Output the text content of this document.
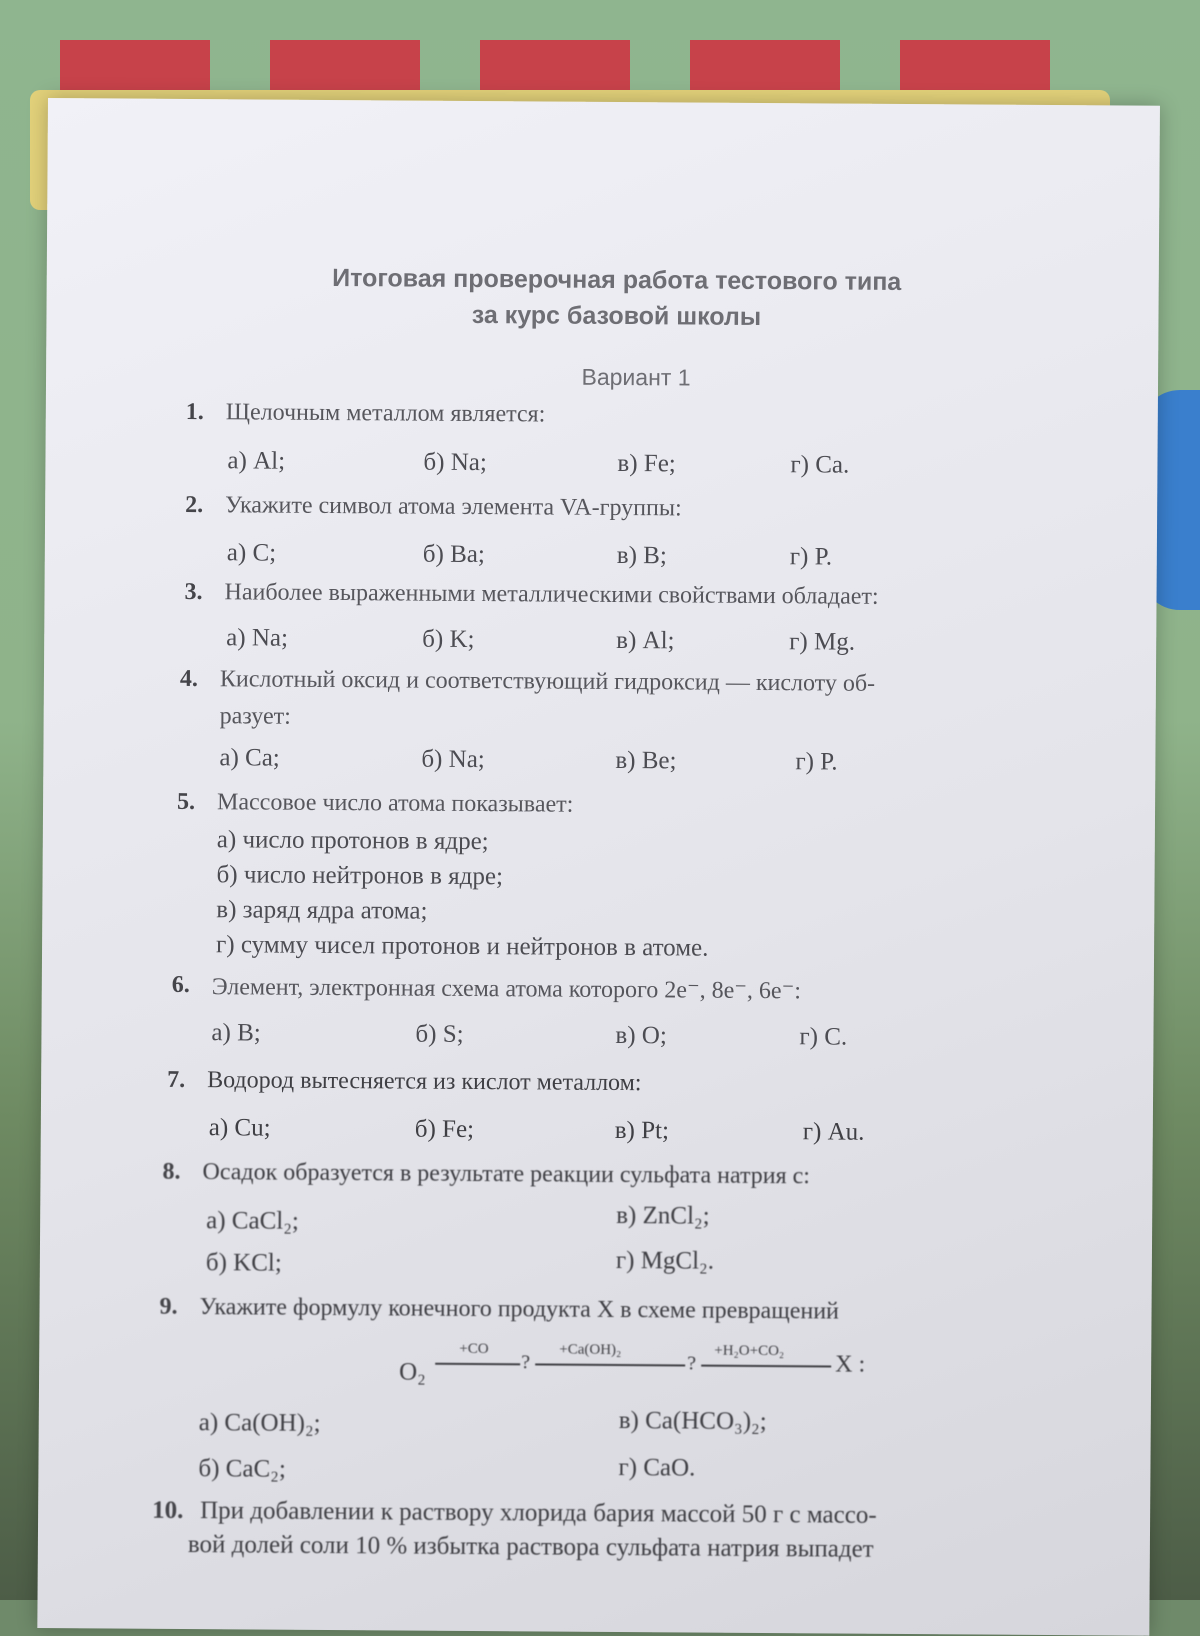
Итоговая проверочная работа тестового типа
за курс базовой школы
Вариант 1
1. Щелочным металлом является:
а) Al;	б) Na;	в) Fe;	г) Ca.
2. Укажите символ атома элемента VA-группы:
а) C;	б) Ba;	в) B;	г) P.
3. Наиболее выраженными металлическими свойствами обладает:
а) Na;	б) K;	в) Al;	г) Mg.
4. Кислотный оксид и соответствующий гидроксид — кислоту об-
разует:
а) Ca;	б) Na;	в) Be;	г) P.
5. Массовое число атома показывает:
а) число протонов в ядре;
б) число нейтронов в ядре;
в) заряд ядра атома;
г) сумму чисел протонов и нейтронов в атоме.
6. Элемент, электронная схема атома которого 2e⁻, 8e⁻, 6e⁻:
а) B;	б) S;	в) O;	г) C.
7. Водород вытесняется из кислот металлом:
а) Cu;	б) Fe;	в) Pt;	г) Au.
8. Осадок образуется в результате реакции сульфата натрия с:
а) CaCl₂;
б) KCl;
в) ZnCl₂;
г) MgCl₂.
9. Укажите формулу конечного продукта X в схеме превращений
O₂
+CO
?
+Ca(OH)₂
?
+H₂O+CO₂
X :
а) Ca(OH)₂;
б) CaC₂;
в) Ca(HCO₃)₂;
г) CaO.
10. При добавлении к раствору хлорида бария массой 50 г с массо-
вой долей соли 10 % избытка раствора сульфата натрия выпадет
